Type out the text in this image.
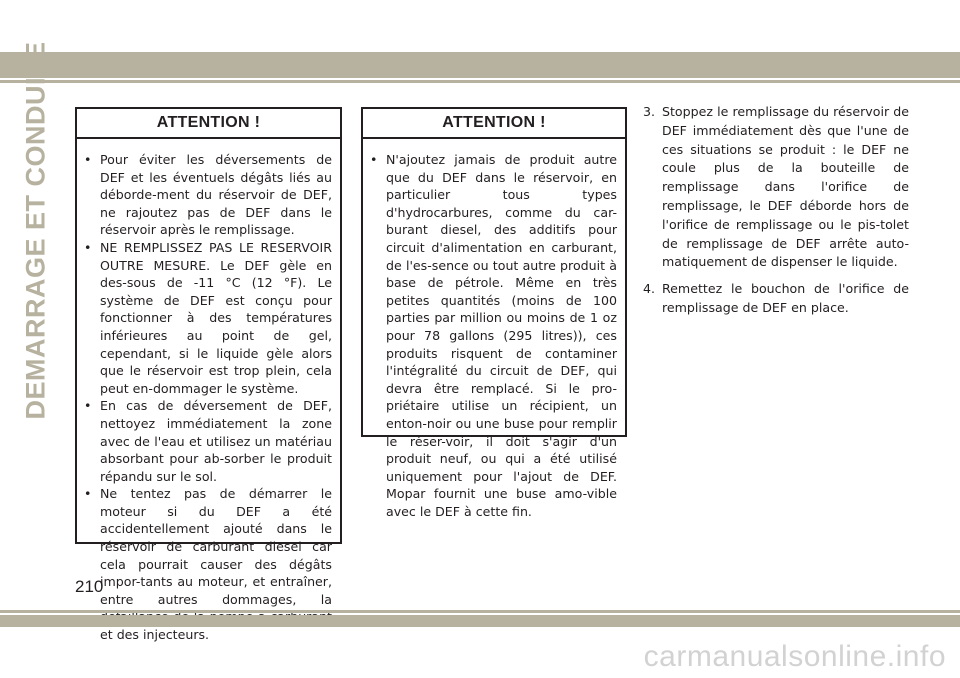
DEMARRAGE ET CONDUITE	ATTENTION !
• Pour éviter les déversements de DEF et les éventuels dégâts liés au déborde-ment du réservoir de DEF, ne rajoutez pas de DEF dans le réservoir après le remplissage.
• NE REMPLISSEZ PAS LE RESERVOIR OUTRE MESURE. Le DEF gèle en des-sous de -11 °C (12 °F). Le système de DEF est conçu pour fonctionner à des températures inférieures au point de gel, cependant, si le liquide gèle alors que le réservoir est trop plein, cela peut en-dommager le système.
• En cas de déversement de DEF, nettoyez immédiatement la zone avec de l'eau et utilisez un matériau absorbant pour ab-sorber le produit répandu sur le sol.
• Ne tentez pas de démarrer le moteur si du DEF a été accidentellement ajouté dans le réservoir de carburant diesel car cela pourrait causer des dégâts impor-tants au moteur, et entraîner, entre autres dommages, la et des injecteurs.
ATTENTION !
• N'ajoutez jamais de produit autre que du DEF dans le réservoir, en particulier tous types d'hydrocarbures, comme du car-burant diesel, des additifs pour circuit d'alimentation en carburant, de l'es-sence ou tout autre produit à base de pétrole. Même en très petites quantités (moins de 100 parties par million ou moins de 1 oz pour 78 gallons (295 litres)), ces produits risquent de contaminer l'intégralité du circuit de DEF, qui devra être remplacé. Si le pro-priétaire utilise un récipient, un enton-noir ou une buse pour remplir le réser-voir, il doit s'agir d'un produit neuf, ou qui a été utilisé uniquement pour l'ajout de DEF. Mopar fournit une buse amo-vible avec le DEF à cette fin.
3. Stoppez le remplissage du réservoir de DEF immédiatement dès que l'une de ces situations se produit : le DEF ne coule plus de la bouteille de remplissage dans l'orifice de remplissage, le DEF déborde hors de l'orifice de remplissage ou le pis-tolet de remplissage de DEF arrête auto-matiquement de dispenser le liquide.
4. Remettez le bouchon de l'orifice de remplissage de DEF en place.
210
carmanualsonline.info
